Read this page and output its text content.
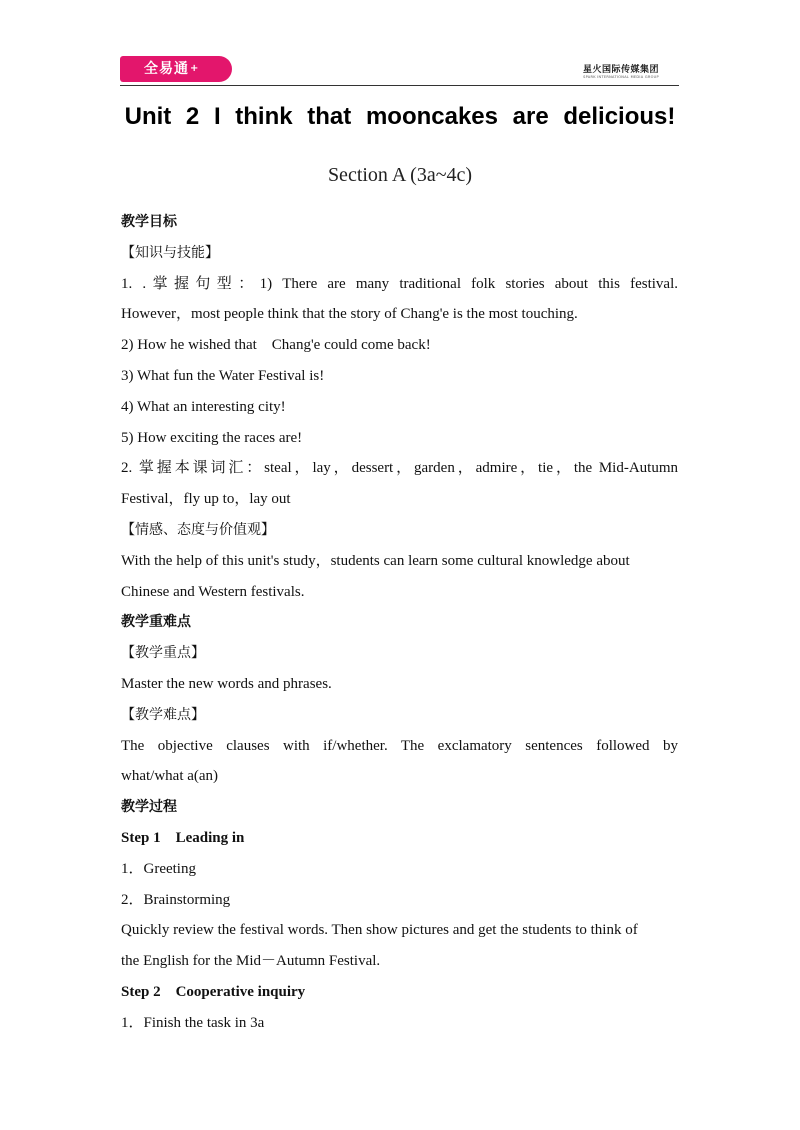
全易通+	星火国际传媒集团
SPARK INTERNATIONAL MEDIA GROUP
Unit 2 I think that mooncakes are delicious!
Section A (3a~4c)
教学目标
【知识与技能】
1. .掌握句型：1) There are many traditional folk stories about this festival.
However，most people think that the story of Chang'e is the most touching.
2) How he wished that　Chang'e could come back!
3) What fun the Water Festival is!
4) What an interesting city!
5) How exciting the races are!
2. 掌握本课词汇：steal，lay，dessert，garden，admire，tie，the Mid-Autumn
Festival，fly up to，lay out
【情感、态度与价值观】
With the help of this unit's study，students can learn some cultural knowledge about
Chinese and Western festivals.
教学重难点
【教学重点】
Master the new words and phrases.
【教学难点】
The objective clauses with if/whether. The exclamatory sentences followed by
what/what a(an)
教学过程
Step 1　Leading in
1．Greeting
2．Brainstorming
Quickly review the festival words. Then show pictures and get the students to think of
the English for the Mid－Autumn Festival.
Step 2　Cooperative inquiry
1．Finish the task in 3a
